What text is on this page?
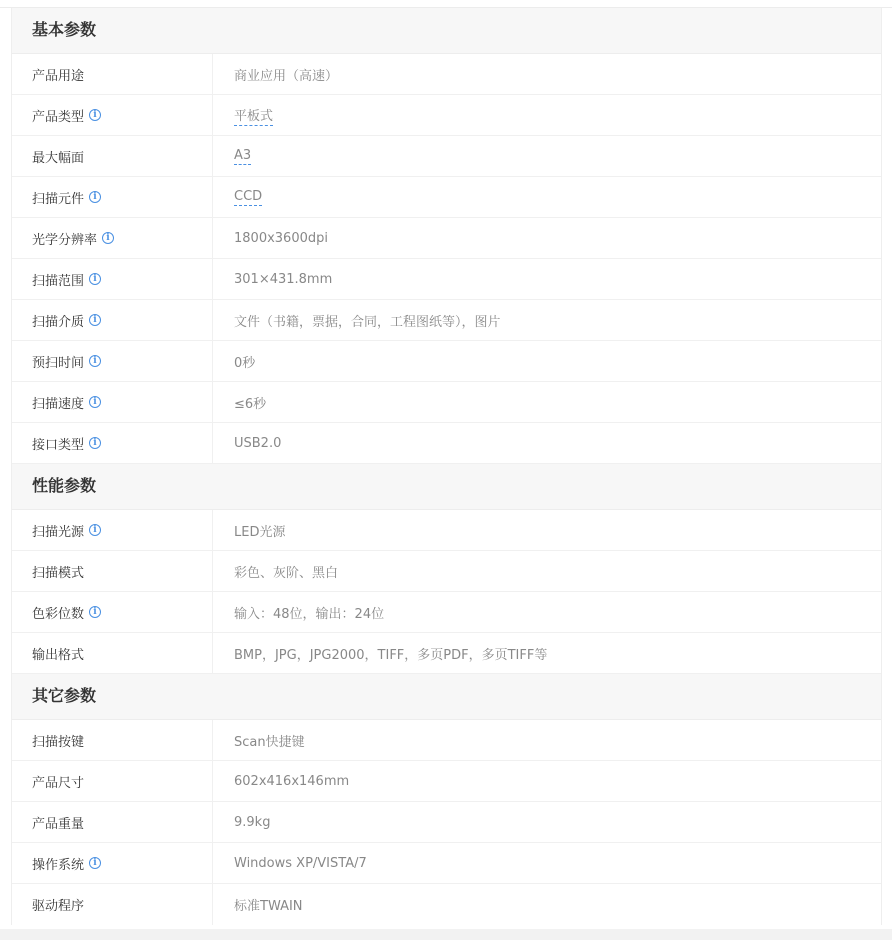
基本参数
产品用途	商业应用（高速）
产品类型	i	平板式
最大幅面	A3
扫描元件	i	CCD
光学分辨率	i	1800x3600dpi
扫描范围	i	301×431.8mm
扫描介质	i	文件（书籍，票据，合同，工程图纸等），图片
预扫时间	i	0秒
扫描速度	i	≤6秒
接口类型	i	USB2.0
性能参数
扫描光源	i	LED光源
扫描模式	彩色、灰阶、黑白
色彩位数	i	输入：48位，输出：24位
输出格式	BMP，JPG，JPG2000，TIFF，多页PDF，多页TIFF等
其它参数
扫描按键	Scan快捷键
产品尺寸	602x416x146mm
产品重量	9.9kg
操作系统	i	Windows XP/VISTA/7
驱动程序	标准TWAIN
